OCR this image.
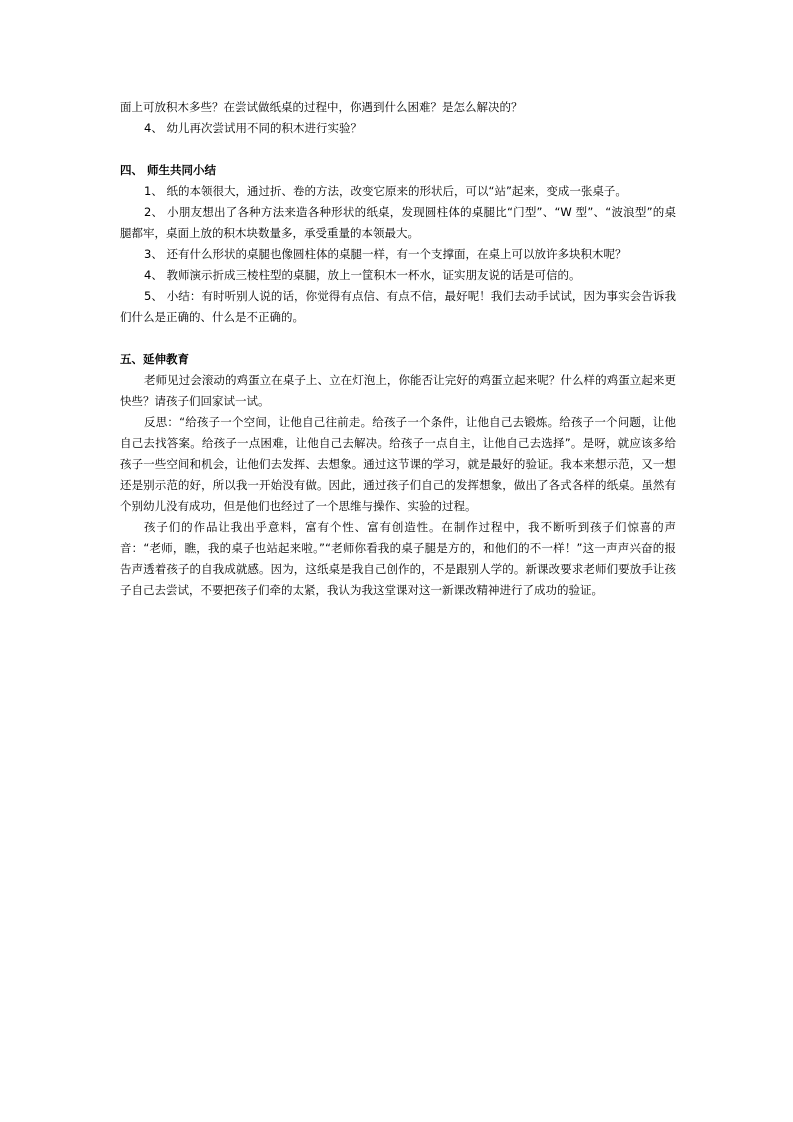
面上可放积木多些？在尝试做纸桌的过程中，你遇到什么困难？是怎么解决的？

4、 幼儿再次尝试用不同的积木进行实验？

四、 师生共同小结

1、 纸的本领很大，通过折、卷的方法，改变它原来的形状后，可以“站”起来，变成一张桌子。

2、 小朋友想出了各种方法来造各种形状的纸桌，发现圆柱体的桌腿比“门型”、“W 型”、“波浪型”的桌腿都牢，桌面上放的积木块数量多，承受重量的本领最大。

3、 还有什么形状的桌腿也像圆柱体的桌腿一样，有一个支撑面，在桌上可以放许多块积木呢？

4、 教师演示折成三棱柱型的桌腿，放上一筐积木一杯水，证实朋友说的话是可信的。

5、 小结：有时听别人说的话，你觉得有点信、有点不信，最好呢！我们去动手试试，因为事实会告诉我们什么是正确的、什么是不正确的。

五、延伸教育

老师见过会滚动的鸡蛋立在桌子上、立在灯泡上，你能否让完好的鸡蛋立起来呢？什么样的鸡蛋立起来更快些？请孩子们回家试一试。

反思：“给孩子一个空间，让他自己往前走。给孩子一个条件，让他自己去锻炼。给孩子一个问题，让他自己去找答案。给孩子一点困难，让他自己去解决。给孩子一点自主，让他自己去选择”。是呀，就应该多给孩子一些空间和机会，让他们去发挥、去想象。通过这节课的学习，就是最好的验证。我本来想示范，又一想还是别示范的好，所以我一开始没有做。因此，通过孩子们自己的发挥想象，做出了各式各样的纸桌。虽然有个别幼儿没有成功，但是他们也经过了一个思维与操作、实验的过程。

孩子们的作品让我出乎意料，富有个性、富有创造性。在制作过程中，我不断听到孩子们惊喜的声音：“老师，瞧，我的桌子也站起来啦。”“老师你看我的桌子腿是方的，和他们的不一样！”这一声声兴奋的报告声透着孩子的自我成就感。因为，这纸桌是我自己创作的，不是跟别人学的。新课改要求老师们要放手让孩子自己去尝试，不要把孩子们牵的太紧，我认为我这堂课对这一新课改精神进行了成功的验证。
